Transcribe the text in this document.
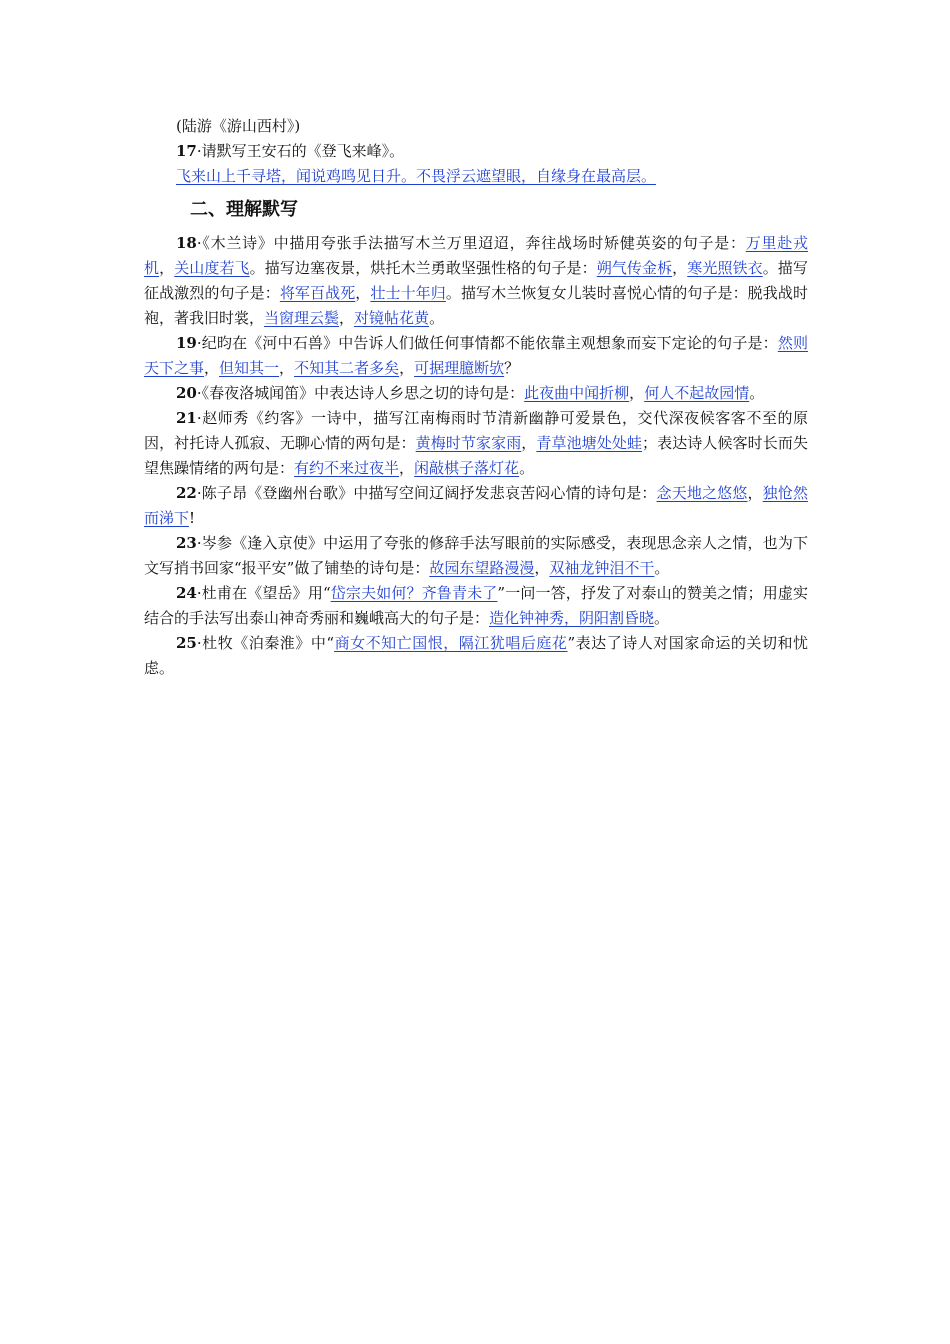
(陆游《游山西村》)
17·请默写王安石的《登飞来峰》。
飞来山上千寻塔，闻说鸡鸣见日升。不畏浮云遮望眼，自缘身在最高层。
二、理解默写

18·《木兰诗》中描用夸张手法描写木兰万里迢迢，奔往战场时矫健英姿的句子是：万里赴戎机，关山度若飞。描写边塞夜景，烘托木兰勇敢坚强性格的句子是：朔气传金柝，寒光照铁衣。描写征战激烈的句子是：将军百战死，壮士十年归。描写木兰恢复女儿装时喜悦心情的句子是：脱我战时袍，著我旧时裳，当窗理云鬓，对镜帖花黄。

19·纪昀在《河中石兽》中告诉人们做任何事情都不能依靠主观想象而妄下定论的句子是：然则天下之事，但知其一，不知其二者多矣，可据理臆断欤？

20·《春夜洛城闻笛》中表达诗人乡思之切的诗句是：此夜曲中闻折柳，何人不起故园情。

21·赵师秀《约客》一诗中，描写江南梅雨时节清新幽静可爱景色，交代深夜候客客不至的原因，衬托诗人孤寂、无聊心情的两句是：黄梅时节家家雨，青草池塘处处蛙；表达诗人候客时长而失望焦躁情绪的两句是：有约不来过夜半，闲敲棋子落灯花。

22·陈子昂《登幽州台歌》中描写空间辽阔抒发悲哀苦闷心情的诗句是：念天地之悠悠，独怆然而涕下!

23·岑参《逢入京使》中运用了夸张的修辞手法写眼前的实际感受，表现思念亲人之情，也为下文写捎书回家“报平安”做了铺垫的诗句是：故园东望路漫漫，双袖龙钟泪不干。

24·杜甫在《望岳》用“岱宗夫如何？齐鲁青未了”一问一答，抒发了对泰山的赞美之情；用虚实结合的手法写出泰山神奇秀丽和巍峨高大的句子是：造化钟神秀，阴阳割昏晓。

25·杜牧《泊秦淮》中“商女不知亡国恨，隔江犹唱后庭花”表达了诗人对国家命运的关切和忧虑。
